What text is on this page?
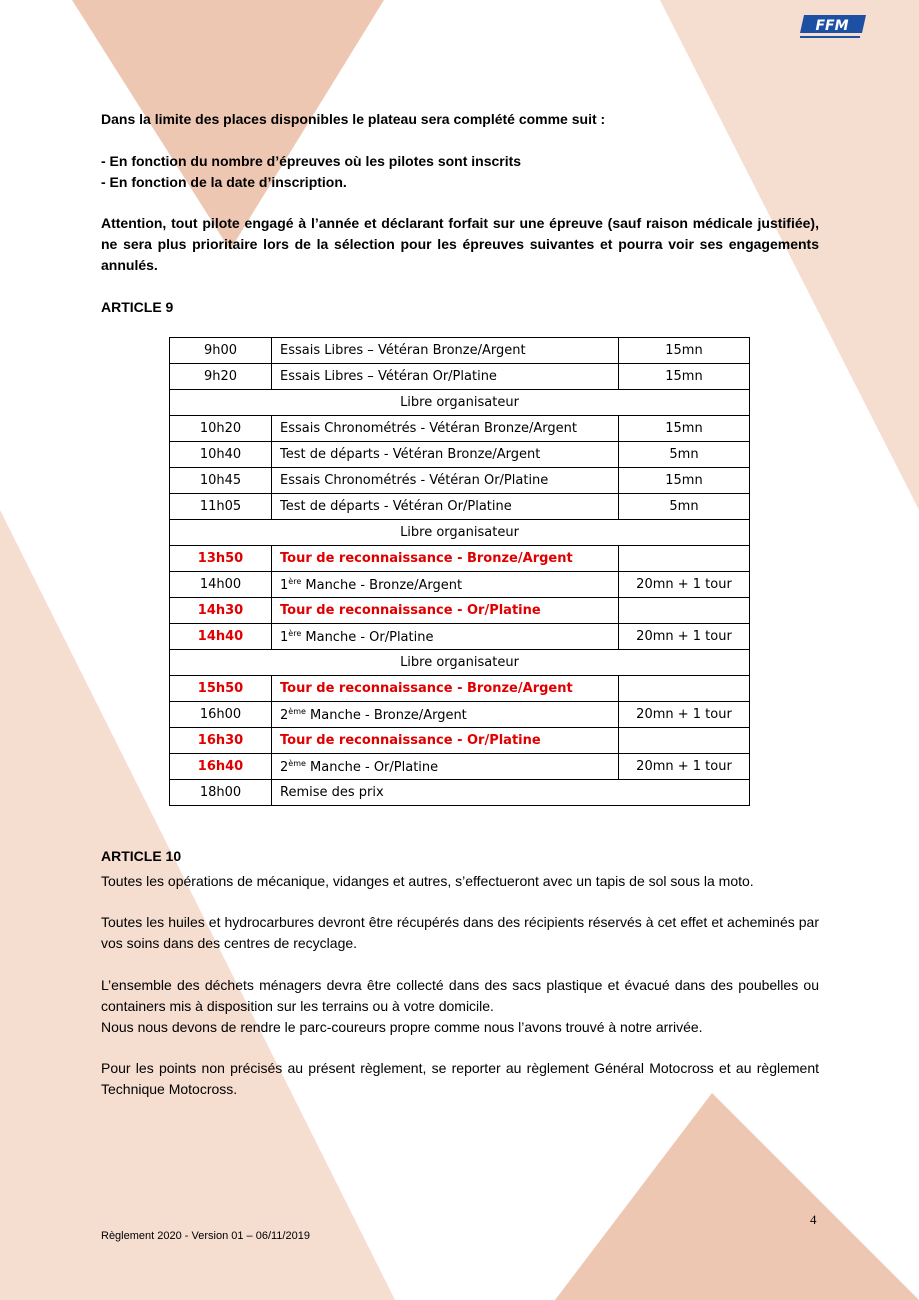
FFM
Dans la limite des places disponibles le plateau sera complété comme suit :
- En fonction du nombre d’épreuves où les pilotes sont inscrits
- En fonction de la date d’inscription.
Attention, tout pilote engagé à l’année et déclarant forfait sur une épreuve (sauf raison médicale justifiée), ne sera plus prioritaire lors de la sélection pour les épreuves suivantes et pourra voir ses engagements annulés.
ARTICLE 9
9h00	Essais Libres – Vétéran Bronze/Argent	15mn
9h20	Essais Libres – Vétéran Or/Platine	15mn
Libre organisateur		
10h20	Essais Chronométrés - Vétéran Bronze/Argent	15mn
10h40	Test de départs - Vétéran Bronze/Argent	5mn
10h45	Essais Chronométrés - Vétéran Or/Platine	15mn
11h05	Test de départs - Vétéran Or/Platine	5mn
Libre organisateur		
13h50	Tour de reconnaissance - Bronze/Argent	
14h00	1ère Manche - Bronze/Argent	20mn + 1 tour
14h30	Tour de reconnaissance - Or/Platine	
14h40	1ère Manche - Or/Platine	20mn + 1 tour
Libre organisateur		
15h50	Tour de reconnaissance - Bronze/Argent	
16h00	2ème Manche - Bronze/Argent	20mn + 1 tour
16h30	Tour de reconnaissance - Or/Platine	
16h40	2ème Manche - Or/Platine	20mn + 1 tour
18h00	Remise des prix	
ARTICLE 10
Toutes les opérations de mécanique, vidanges et autres, s’effectueront avec un tapis de sol sous la moto.
Toutes les huiles et hydrocarbures devront être récupérés dans des récipients réservés à cet effet et acheminés par vos soins dans des centres de recyclage.
L’ensemble des déchets ménagers devra être collecté dans des sacs plastique et évacué dans des poubelles ou containers mis à disposition sur les terrains ou à votre domicile.
Nous nous devons de rendre le parc-coureurs propre comme nous l’avons trouvé à notre arrivée.
Pour les points non précisés au présent règlement, se reporter au règlement Général Motocross et au règlement Technique Motocross.
4
Règlement 2020 - Version 01 – 06/11/2019
